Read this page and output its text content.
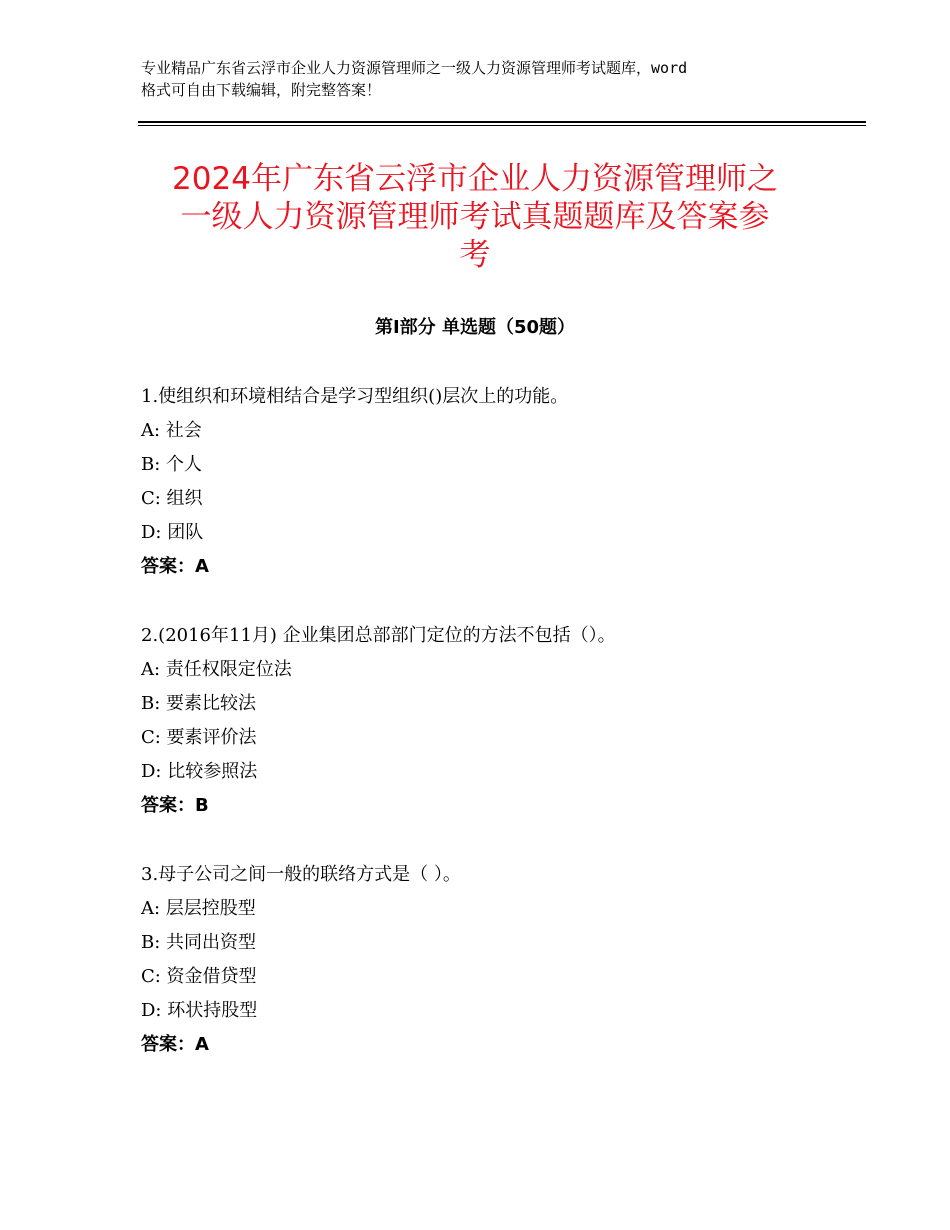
专业精品广东省云浮市企业人力资源管理师之一级人力资源管理师考试题库，word
格式可自由下载编辑，附完整答案！
2024年广东省云浮市企业人力资源管理师之
一级人力资源管理师考试真题题库及答案参
考
第Ⅰ部分 单选题（50题）
1.使组织和环境相结合是学习型组织()层次上的功能。
A: 社会
B: 个人
C: 组织
D: 团队
答案：A
2.(2016年11月) 企业集团总部部门定位的方法不包括（）。
A: 责任权限定位法
B: 要素比较法
C: 要素评价法
D: 比较参照法
答案：B
3.母子公司之间一般的联络方式是（ ）。
A: 层层控股型
B: 共同出资型
C: 资金借贷型
D: 环状持股型
答案：A
